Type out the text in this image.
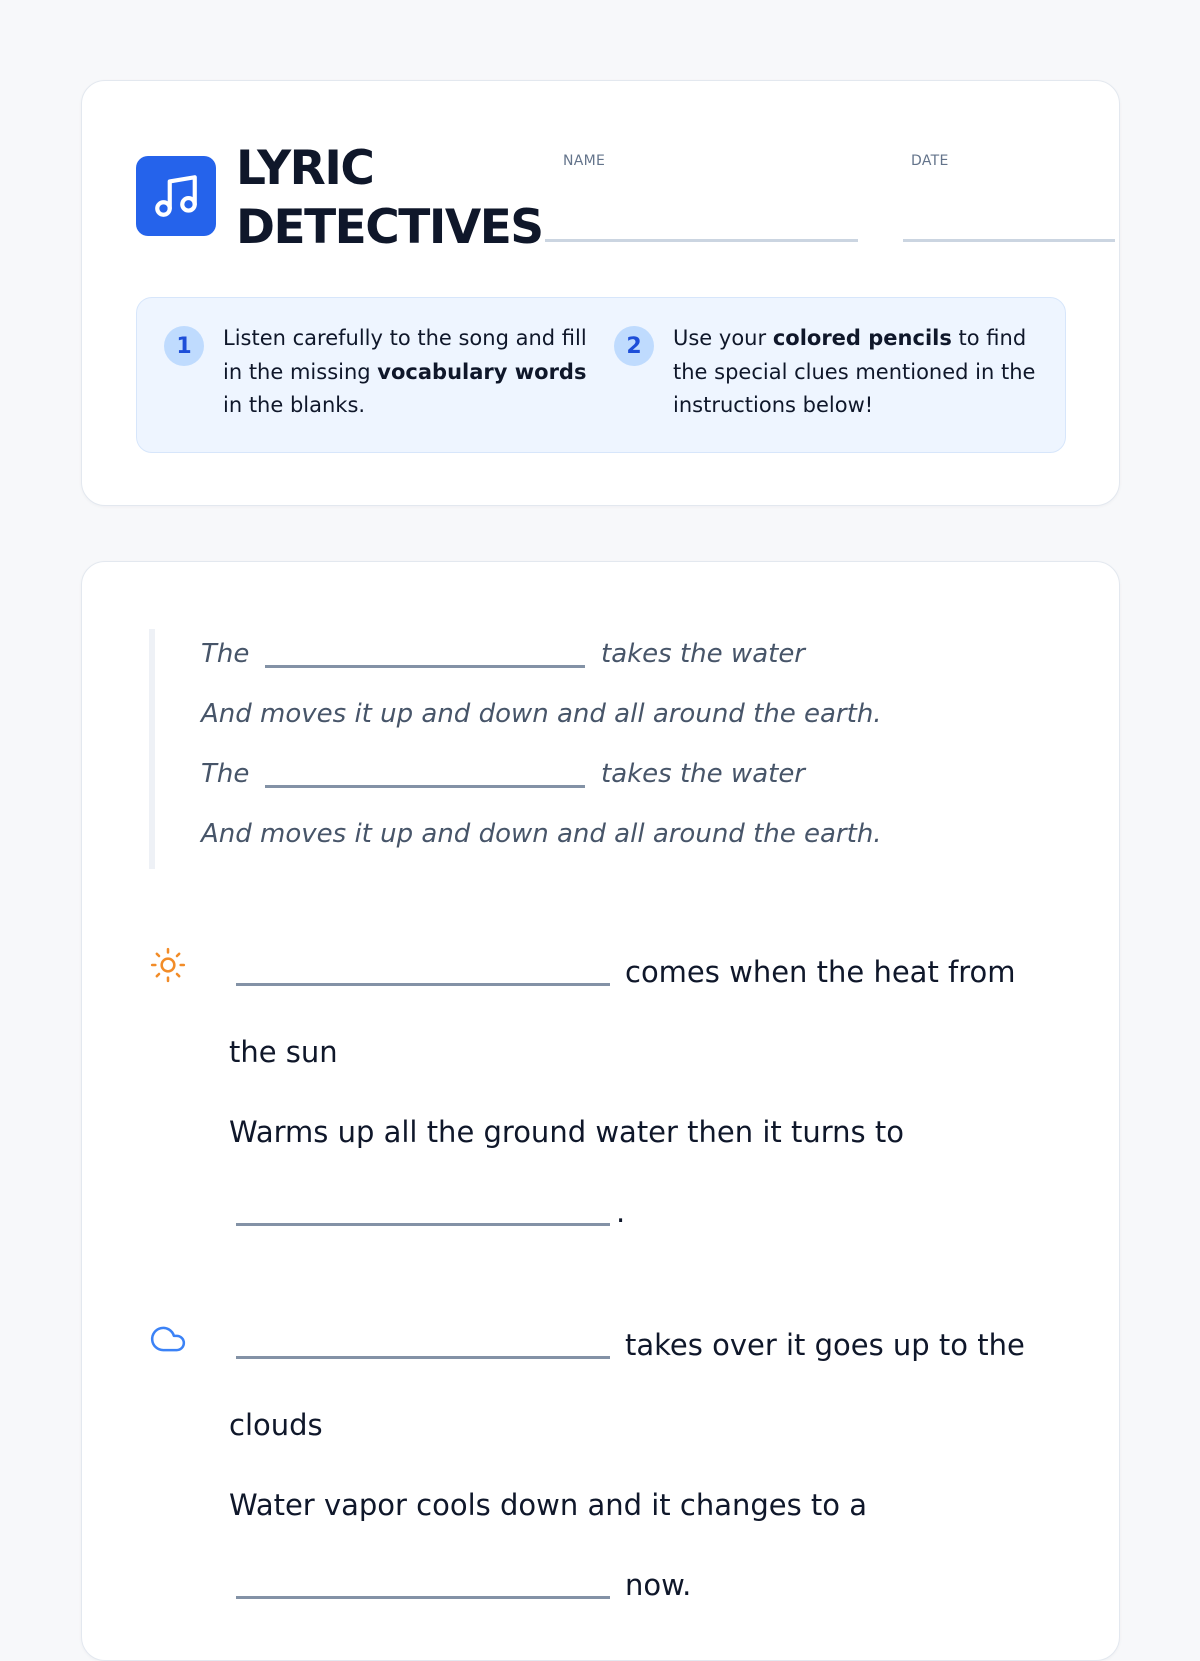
LYRIC
DETECTIVES
NAME	DATE
1	Listen carefully to the song and fill in the missing vocabulary words in the blanks.
2	Use your colored pencils to find the special clues mentioned in the instructions below!
The	takes the water
And moves it up and down and all around the earth.
The	takes the water
And moves it up and down and all around the earth.
comes when the heat from
the sun
Warms up all the ground water then it turns to
.
takes over it goes up to the
clouds
Water vapor cools down and it changes to a
now.
